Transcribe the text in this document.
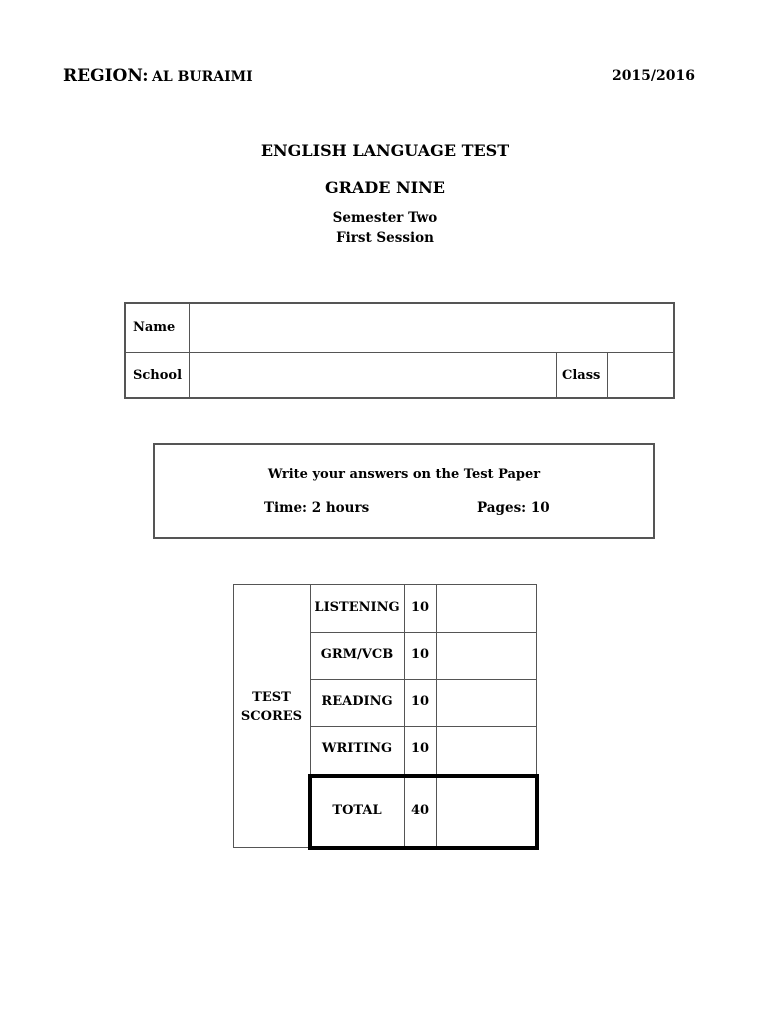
REGION: AL BURAIMI	2015/2016
ENGLISH LANGUAGE TEST
GRADE NINE
Semester Two
First Session
Name
School	Class
Write your answers on the Test Paper
Time: 2 hours	Pages: 10
TEST
SCORES
LISTENING 10
GRM/VCB	10
READING	10
WRITING	10
TOTAL	40
